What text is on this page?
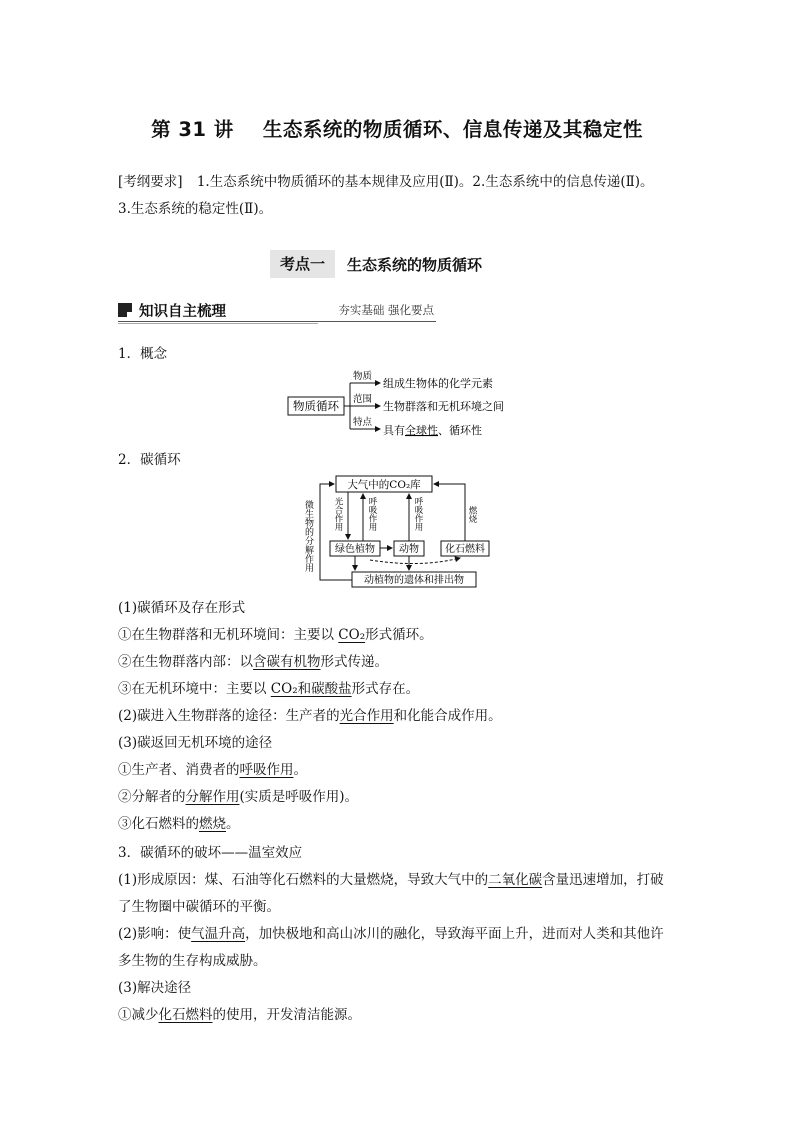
第 31 讲    生态系统的物质循环、信息传递及其稳定性
[考纲要求] 1.生态系统中物质循环的基本规律及应用(Ⅱ)。2.生态系统中的信息传递(Ⅱ)。
3.生态系统的稳定性(Ⅱ)。
考点一	生态系统的物质循环
知识自主梳理	夯实基础 强化要点
1．概念
物质循环
物质
范围
特点
组成生物体的化学元素
生物群落和无机环境之间
具有全球性、循环性
2．碳循环
大气中的CO₂库
绿色植物 动物	化石燃料
动植物的遗体和排出物
微生物的分解作用 光合作用	呼吸作用	呼吸作用	燃烧
(1)碳循环及存在形式
①在生物群落和无机环境间：主要以 CO₂形式循环。
②在生物群落内部：以含碳有机物形式传递。
③在无机环境中：主要以 CO₂和碳酸盐形式存在。
(2)碳进入生物群落的途径：生产者的光合作用和化能合成作用。
(3)碳返回无机环境的途径
①生产者、消费者的呼吸作用。
②分解者的分解作用(实质是呼吸作用)。
③化石燃料的燃烧。
3．碳循环的破坏——温室效应
(1)形成原因：煤、石油等化石燃料的大量燃烧，导致大气中的二氧化碳含量迅速增加，打破
了生物圈中碳循环的平衡。
(2)影响：使气温升高，加快极地和高山冰川的融化，导致海平面上升，进而对人类和其他许
多生物的生存构成威胁。
(3)解决途径
①减少化石燃料的使用，开发清洁能源。
